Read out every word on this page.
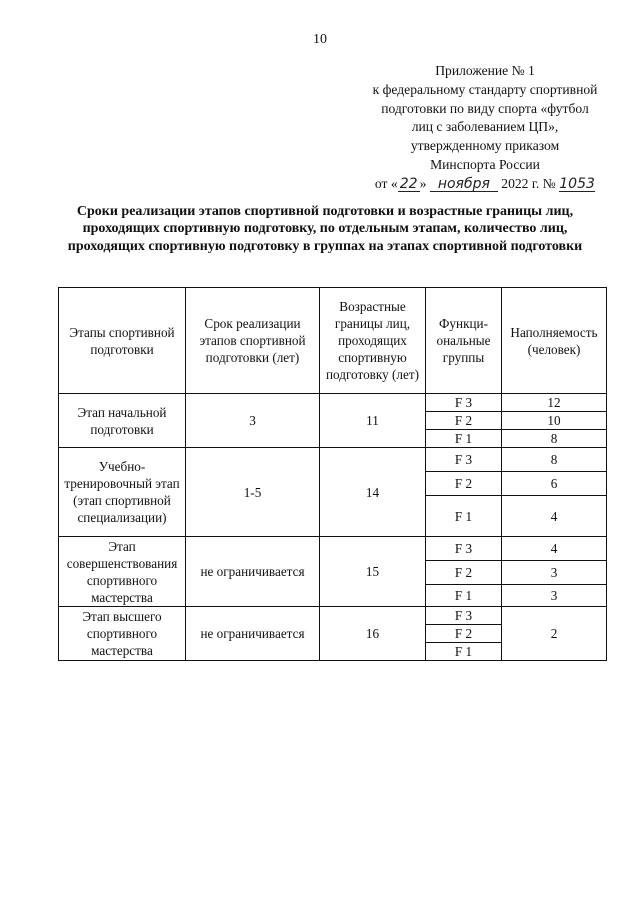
10
Приложение № 1
к федеральному стандарту спортивной
подготовки по виду спорта «футбол
лиц с заболеванием ЦП»,
утвержденному приказом
Минспорта России
от « 22 » ноября 2022 г. № 1053
Сроки реализации этапов спортивной подготовки и возрастные границы лиц, проходящих спортивную подготовку, по отдельным этапам, количество лиц, проходящих спортивную подготовку в группах на этапах спортивной подготовки
Этапы спортивной подготовки	Срок реализации этапов спортивной подготовки (лет)	Возрастные границы лиц, проходящих спортивную подготовку (лет)	Функци-ональные группы	Наполняемость (человек)
Этап начальной подготовки	3	11	F 3	12
			F 2	10
			F 1	8
Учебно-тренировочный этап (этап спортивной специализации)	1-5	14	F 3	8
			F 2	6
			F 1	4

Этап
совершенствования
спортивного
мастерства	не ограничивается	15	F 3	4
			F 2	3
			F 1	3
Этап высшего спортивного мастерства	не ограничивается	16	F 3	2
			F 2	
			F 1	
